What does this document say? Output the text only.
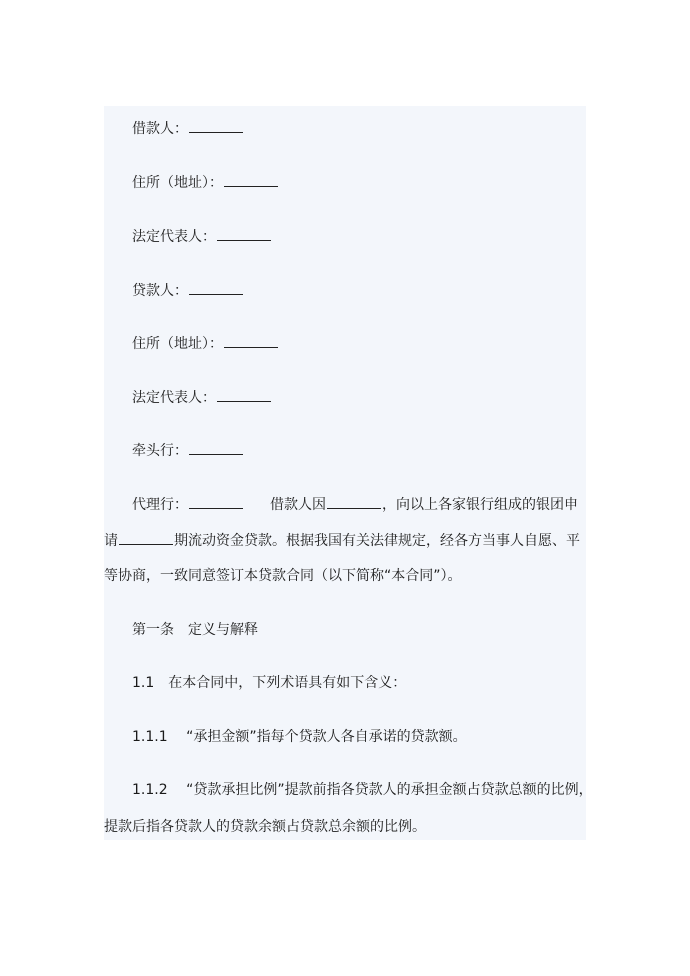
借款人：
住所（地址）：
法定代表人：
贷款人：
住所（地址）：
法定代表人：
牵头行：
代理行：	借款人因	，向以上各家银行组成的银团申
请	期流动资金贷款。根据我国有关法律规定，经各方当事人自愿、平
等协商，一致同意签订本贷款合同（以下简称“本合同”）。
第一条　定义与解释
1.1　在本合同中，下列术语具有如下含义：
1.1.1　 “承担金额”指每个贷款人各自承诺的贷款额。
1.1.2　 “贷款承担比例”提款前指各贷款人的承担金额占贷款总额的比例，
提款后指各贷款人的贷款余额占贷款总余额的比例。
